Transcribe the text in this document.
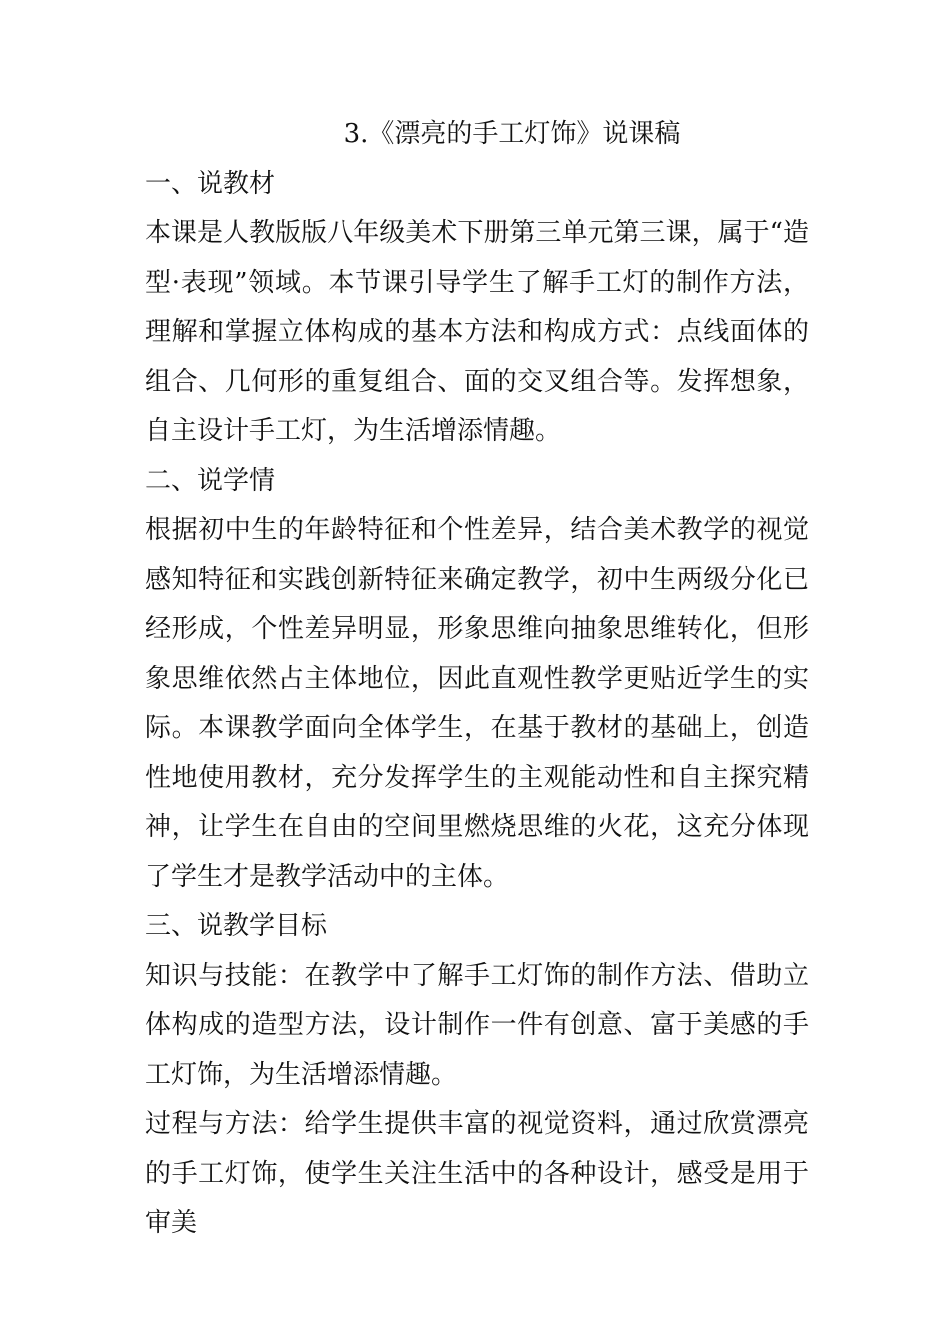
3.《漂亮的手工灯饰》说课稿

一、说教材

本课是人教版版八年级美术下册第三单元第三课，属于“造型·表现”领域。本节课引导学生了解手工灯的制作方法，理解和掌握立体构成的基本方法和构成方式：点线面体的组合、几何形的重复组合、面的交叉组合等。发挥想象，自主设计手工灯，为生活增添情趣。

二、说学情

根据初中生的年龄特征和个性差异，结合美术教学的视觉感知特征和实践创新特征来确定教学，初中生两级分化已经形成，个性差异明显，形象思维向抽象思维转化，但形象思维依然占主体地位，因此直观性教学更贴近学生的实际。本课教学面向全体学生，在基于教材的基础上，创造性地使用教材，充分发挥学生的主观能动性和自主探究精神，让学生在自由的空间里燃烧思维的火花，这充分体现了学生才是教学活动中的主体。

三、说教学目标

知识与技能：在教学中了解手工灯饰的制作方法、借助立体构成的造型方法，设计制作一件有创意、富于美感的手工灯饰，为生活增添情趣。

过程与方法：给学生提供丰富的视觉资料，通过欣赏漂亮的手工灯饰，使学生关注生活中的各种设计，感受是用于审美
